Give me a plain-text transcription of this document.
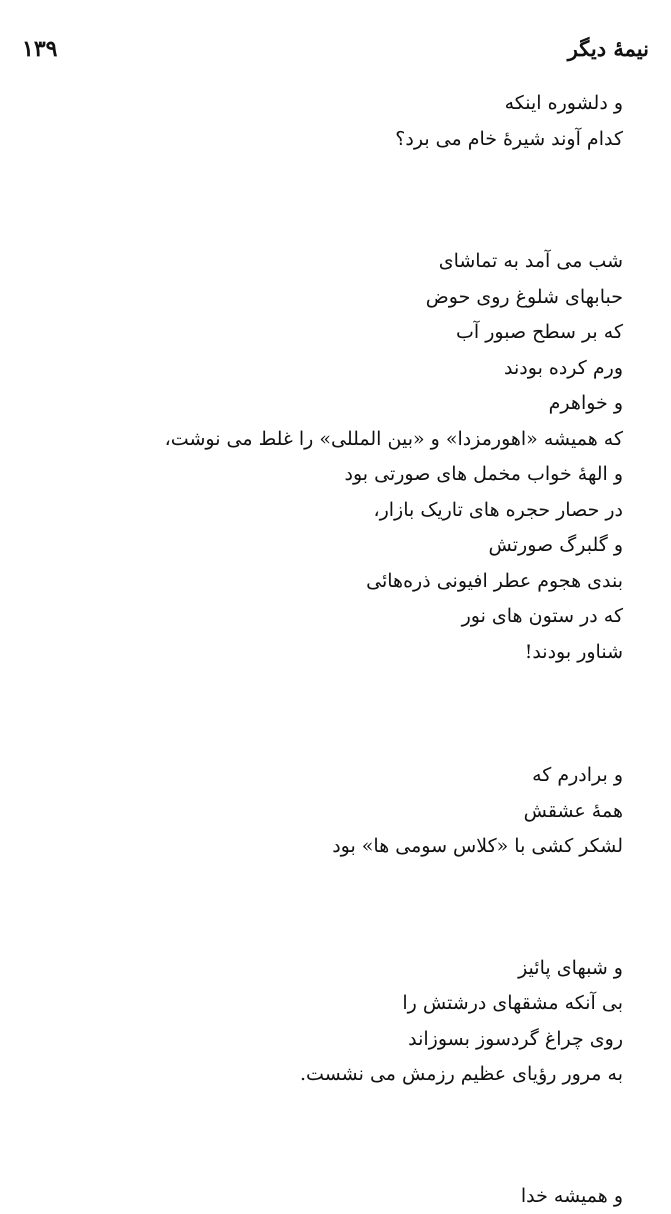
۱۳۹	نیمهٔ دیگر
و دلشوره اینکه
کدام آوند شیرهٔ خام می برد؟
شب می آمد به تماشای
حبابهای شلوغ روی حوض
که بر سطح صبور آب
ورم کرده بودند
و خواهرم
که همیشه «اهورمزدا» و «بین المللی» را غلط می نوشت،
و الههٔ خواب مخمل های صورتی بود
در حصار حجره های تاریک بازار،
و گلبرگ صورتش
بندی هجوم عطر افیونی ذره‌هائی
که در ستون های نور
شناور بودند!
و برادرم که
همهٔ عشقش
لشکر کشی با «کلاس سومی ها» بود
و شبهای پائیز
بی آنکه مشقهای درشتش را
روی چراغ گردسوز بسوزاند
به مرور رؤیای عظیم رزمش می نشست.
و همیشه خدا
